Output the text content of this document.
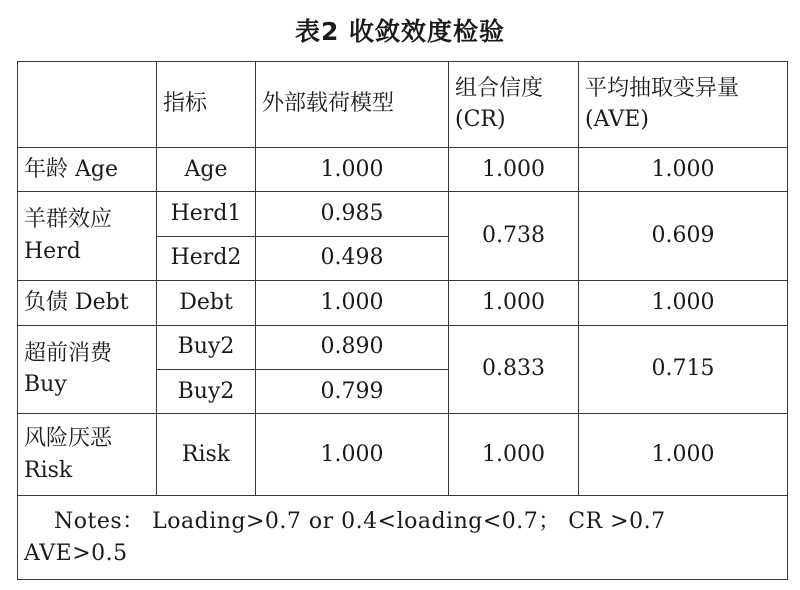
表2 收敛效度检验
	指标	外部载荷模型	组合信度(CR)	平均抽取变异量(AVE)
年龄 Age	Age	1.000	1.000	1.000
羊群效应 Herd	Herd1	0.985	0.738	0.609
	Herd2	0.498		
负债 Debt	Debt	1.000	1.000	1.000
超前消费 Buy	Buy2	0.890	0.833	0.715
	Buy2	0.799		
风险厌恶 Risk	Risk	1.000	1.000	1.000

Notes： Loading>0.7 or 0.4<loading<0.7； CR >0.7
AVE>0.5				
